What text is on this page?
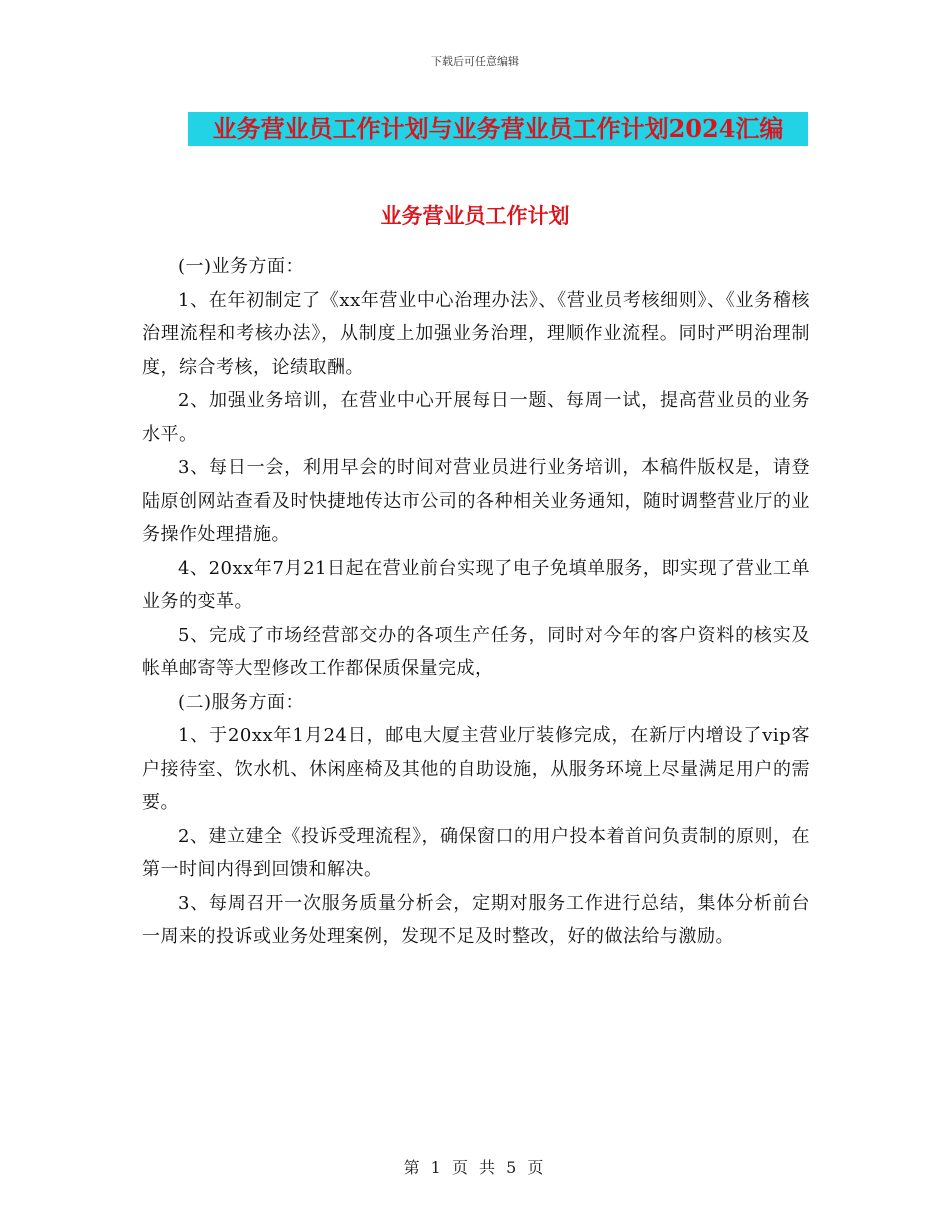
下载后可任意编辑
业务营业员工作计划与业务营业员工作计划2024汇编
业务营业员工作计划

(一)业务方面：

1、在年初制定了《xx年营业中心治理办法》、《营业员考核细则》、《业务稽核治理流程和考核办法》，从制度上加强业务治理，理顺作业流程。同时严明治理制度，综合考核，论绩取酬。

2、加强业务培训，在营业中心开展每日一题、每周一试，提高营业员的业务水平。

3、每日一会，利用早会的时间对营业员进行业务培训，本稿件版权是，请登陆原创网站查看及时快捷地传达市公司的各种相关业务通知，随时调整营业厅的业务操作处理措施。

4、20xx年7月21日起在营业前台实现了电子免填单服务，即实现了营业工单业务的变革。

5、完成了市场经营部交办的各项生产任务，同时对今年的客户资料的核实及帐单邮寄等大型修改工作都保质保量完成，

(二)服务方面：

1、于20xx年1月24日，邮电大厦主营业厅装修完成，在新厅内增设了vip客户接待室、饮水机、休闲座椅及其他的自助设施，从服务环境上尽量满足用户的需要。

2、建立建全《投诉受理流程》，确保窗口的用户投本着首问负责制的原则，在第一时间内得到回馈和解决。

3、每周召开一次服务质量分析会，定期对服务工作进行总结，集体分析前台一周来的投诉或业务处理案例，发现不足及时整改，好的做法给与激励。

第 1 页 共 5 页
